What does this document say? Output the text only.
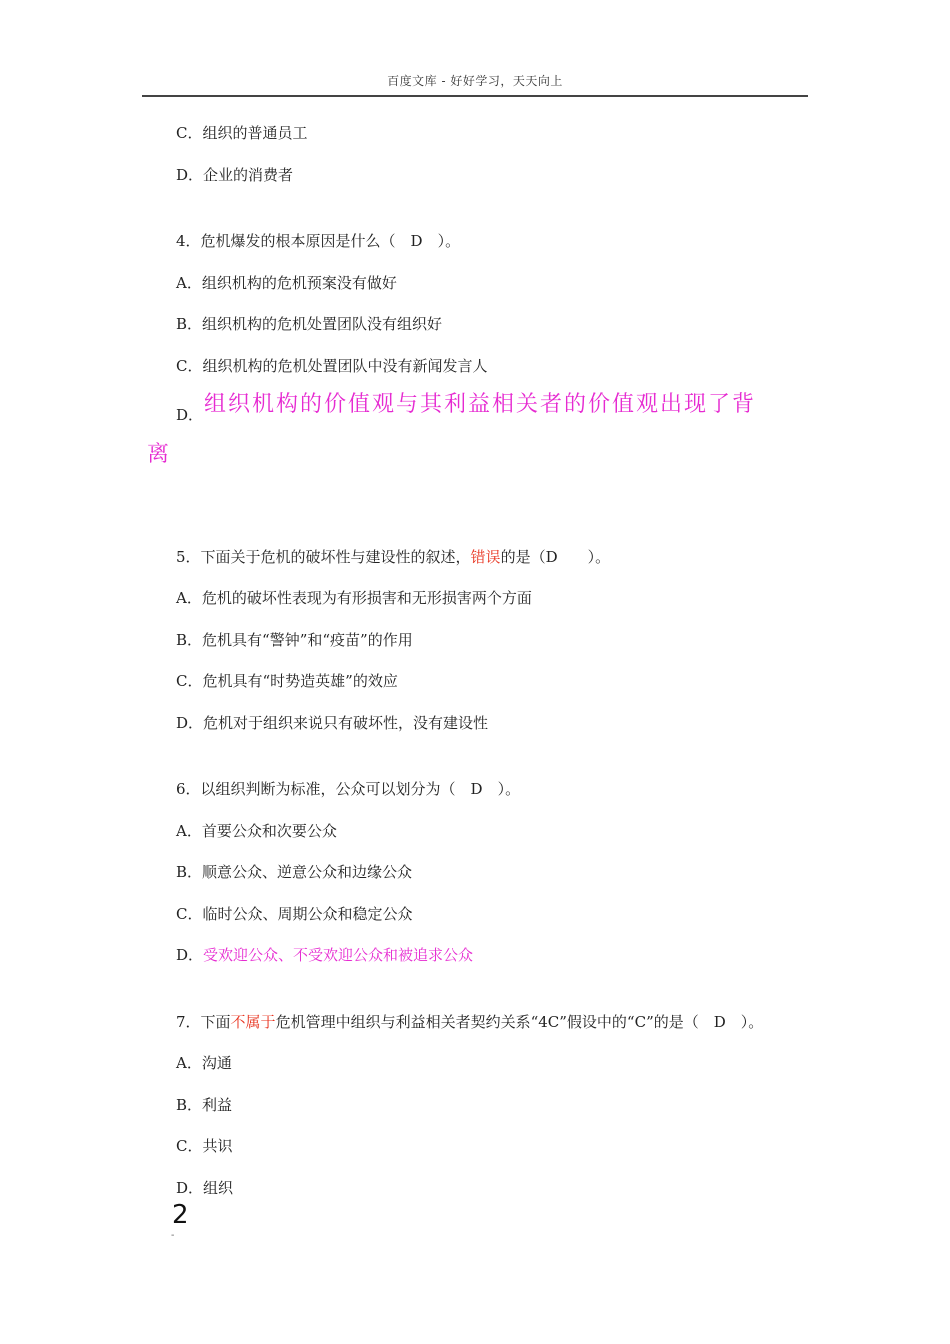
百度文库 - 好好学习，天天向上
C．组织的普通员工
D．企业的消费者
4．危机爆发的根本原因是什么（　D　）。
A．组织机构的危机预案没有做好
B．组织机构的危机处置团队没有组织好
C．组织机构的危机处置团队中没有新闻发言人
D． 组织机构的价值观与其利益相关者的价值观出现了背
离
5．下面关于危机的破坏性与建设性的叙述，错误的是（D　　）。
A．危机的破坏性表现为有形损害和无形损害两个方面
B．危机具有“警钟”和“疫苗”的作用
C．危机具有“时势造英雄”的效应
D．危机对于组织来说只有破坏性，没有建设性
6．以组织判断为标准，公众可以划分为（　D　）。
A．首要公众和次要公众
B．顺意公众、逆意公众和边缘公众
C．临时公众、周期公众和稳定公众
D．受欢迎公众、不受欢迎公众和被追求公众
7．下面不属于危机管理中组织与利益相关者契约关系“4C”假设中的“C”的是（　D　）。
A．沟通
B．利益
C．共识
D．组织
2
-
